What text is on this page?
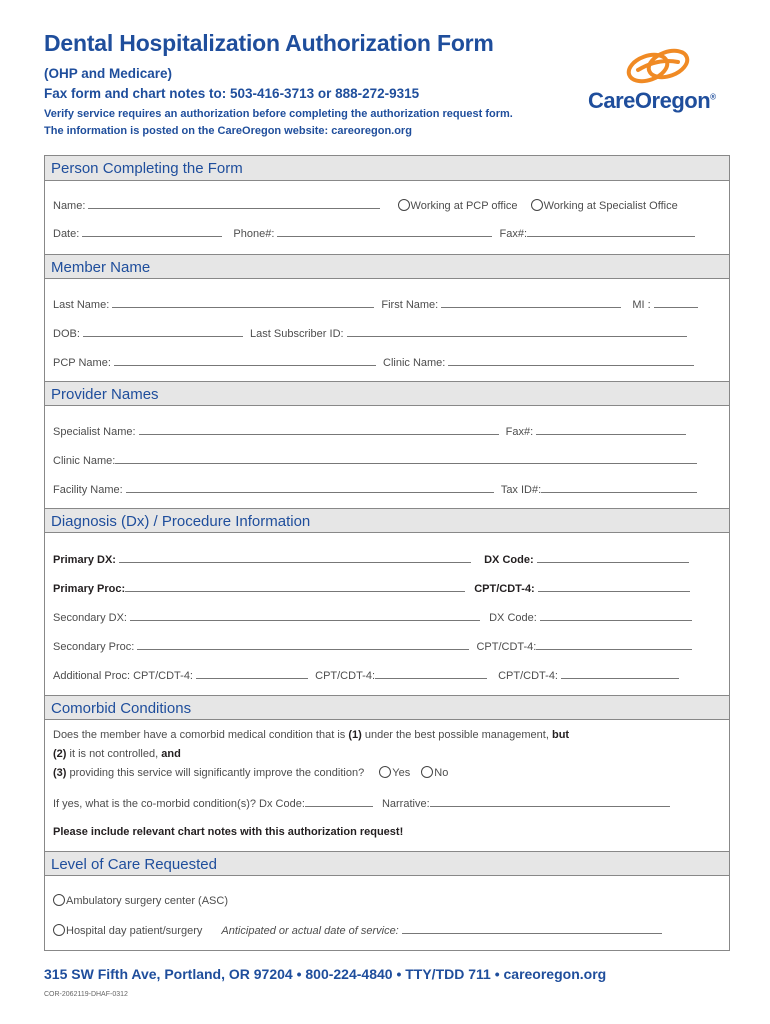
Dental Hospitalization Authorization Form
(OHP and Medicare)
Fax form and chart notes to: 503-416-3713 or 888-272-9315
Verify service requires an authorization before completing the authorization request form.
The information is posted on the CareOregon website: careoregon.org
CareOregon®
Person Completing the Form
Name:	Working at PCP office Working at Specialist Office
Date:	Phone#:	Fax#:
Member Name
Last Name:	First Name:	MI :
DOB:	Last Subscriber ID:
PCP Name:	Clinic Name:
Provider Names
Specialist Name:	Fax#:
Clinic Name:
Facility Name:	Tax ID#:
Diagnosis (Dx) / Procedure Information
Primary DX:	DX Code:
Primary Proc:	CPT/CDT-4:
Secondary DX:	DX Code:
Secondary Proc:	CPT/CDT-4:
Additional Proc: CPT/CDT-4:	CPT/CDT-4:	CPT/CDT-4:
Comorbid Conditions
Does the member have a comorbid medical condition that is (1) under the best possible management, but
(2) it is not controlled, and
(3) providing this service will significantly improve the condition?	Yes No
If yes, what is the co-morbid condition(s)? Dx Code:	Narrative:
Please include relevant chart notes with this authorization request!
Level of Care Requested
Ambulatory surgery center (ASC)
Hospital day patient/surgery Anticipated or actual date of service:
315 SW Fifth Ave, Portland, OR 97204 • 800-224-4840 • TTY/TDD 711 • careoregon.org
COR-2062119-DHAF-0312
